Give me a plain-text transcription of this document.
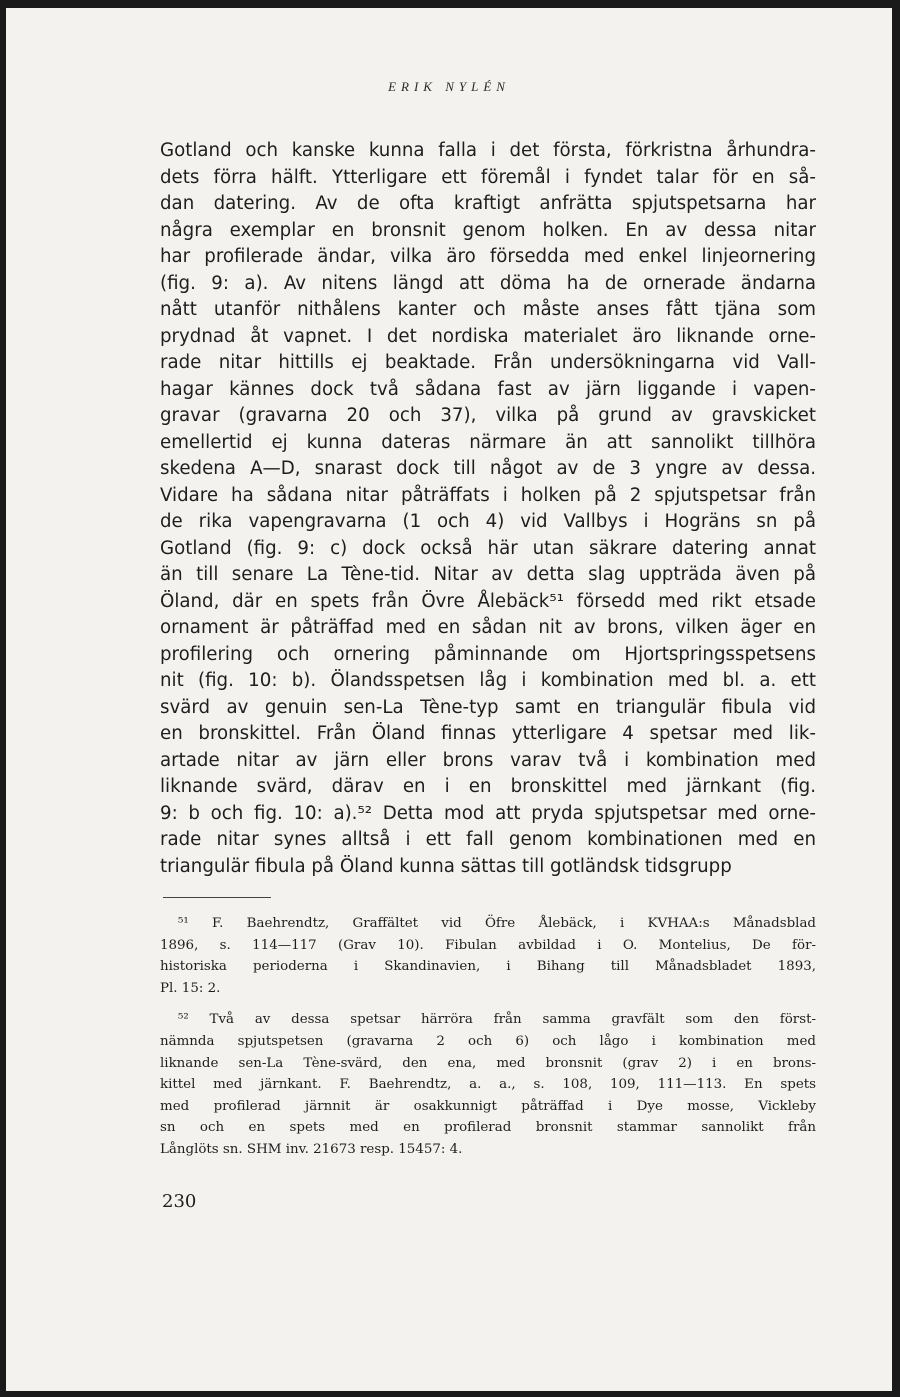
ERIK NYLÉN
Gotland och kanske kunna falla i det första, förkristna århundra-
dets förra hälft. Ytterligare ett föremål i fyndet talar för en så-
dan datering. Av de ofta kraftigt anfrätta spjutspetsarna har
några exemplar en bronsnit genom holken. En av dessa nitar
har profilerade ändar, vilka äro försedda med enkel linjeornering
(fig. 9: a). Av nitens längd att döma ha de ornerade ändarna
nått utanför nithålens kanter och måste anses fått tjäna som
prydnad åt vapnet. I det nordiska materialet äro liknande orne-
rade nitar hittills ej beaktade. Från undersökningarna vid Vall-
hagar kännes dock två sådana fast av järn liggande i vapen-
gravar (gravarna 20 och 37), vilka på grund av gravskicket
emellertid ej kunna dateras närmare än att sannolikt tillhöra
skedena A—D, snarast dock till något av de 3 yngre av dessa.
Vidare ha sådana nitar påträffats i holken på 2 spjutspetsar från
de rika vapengravarna (1 och 4) vid Vallbys i Hogräns sn på
Gotland (fig. 9: c) dock också här utan säkrare datering annat
än till senare La Tène-tid. Nitar av detta slag uppträda även på
Öland, där en spets från Övre Ålebäck⁵¹ försedd med rikt etsade
ornament är påträffad med en sådan nit av brons, vilken äger en
profilering och ornering påminnande om Hjortspringsspetsens
nit (fig. 10: b). Ölandsspetsen låg i kombination med bl. a. ett
svärd av genuin sen-La Tène-typ samt en triangulär fibula vid
en bronskittel. Från Öland finnas ytterligare 4 spetsar med lik-
artade nitar av järn eller brons varav två i kombination med
liknande svärd, därav en i en bronskittel med järnkant (fig.
9: b och fig. 10: a).⁵² Detta mod att pryda spjutspetsar med orne-
rade nitar synes alltså i ett fall genom kombinationen med en
triangulär fibula på Öland kunna sättas till gotländsk tidsgrupp
⁵¹ F. Baehrendtz, Graffältet vid Öfre Ålebäck, i KVHAA:s Månadsblad
1896, s. 114—117 (Grav 10). Fibulan avbildad i O. Montelius, De för-
historiska perioderna i Skandinavien, i Bihang till Månadsbladet 1893,
Pl. 15: 2.
⁵² Två av dessa spetsar härröra från samma gravfält som den först-
nämnda spjutspetsen (gravarna 2 och 6) och lågo i kombination med
liknande sen-La Tène-svärd, den ena, med bronsnit (grav 2) i en brons-
kittel med järnkant. F. Baehrendtz, a. a., s. 108, 109, 111—113. En spets
med profilerad järnnit är osakkunnigt påträffad i Dye mosse, Vickleby
sn och en spets med en profilerad bronsnit stammar sannolikt från
Långlöts sn. SHM inv. 21673 resp. 15457: 4.
230
